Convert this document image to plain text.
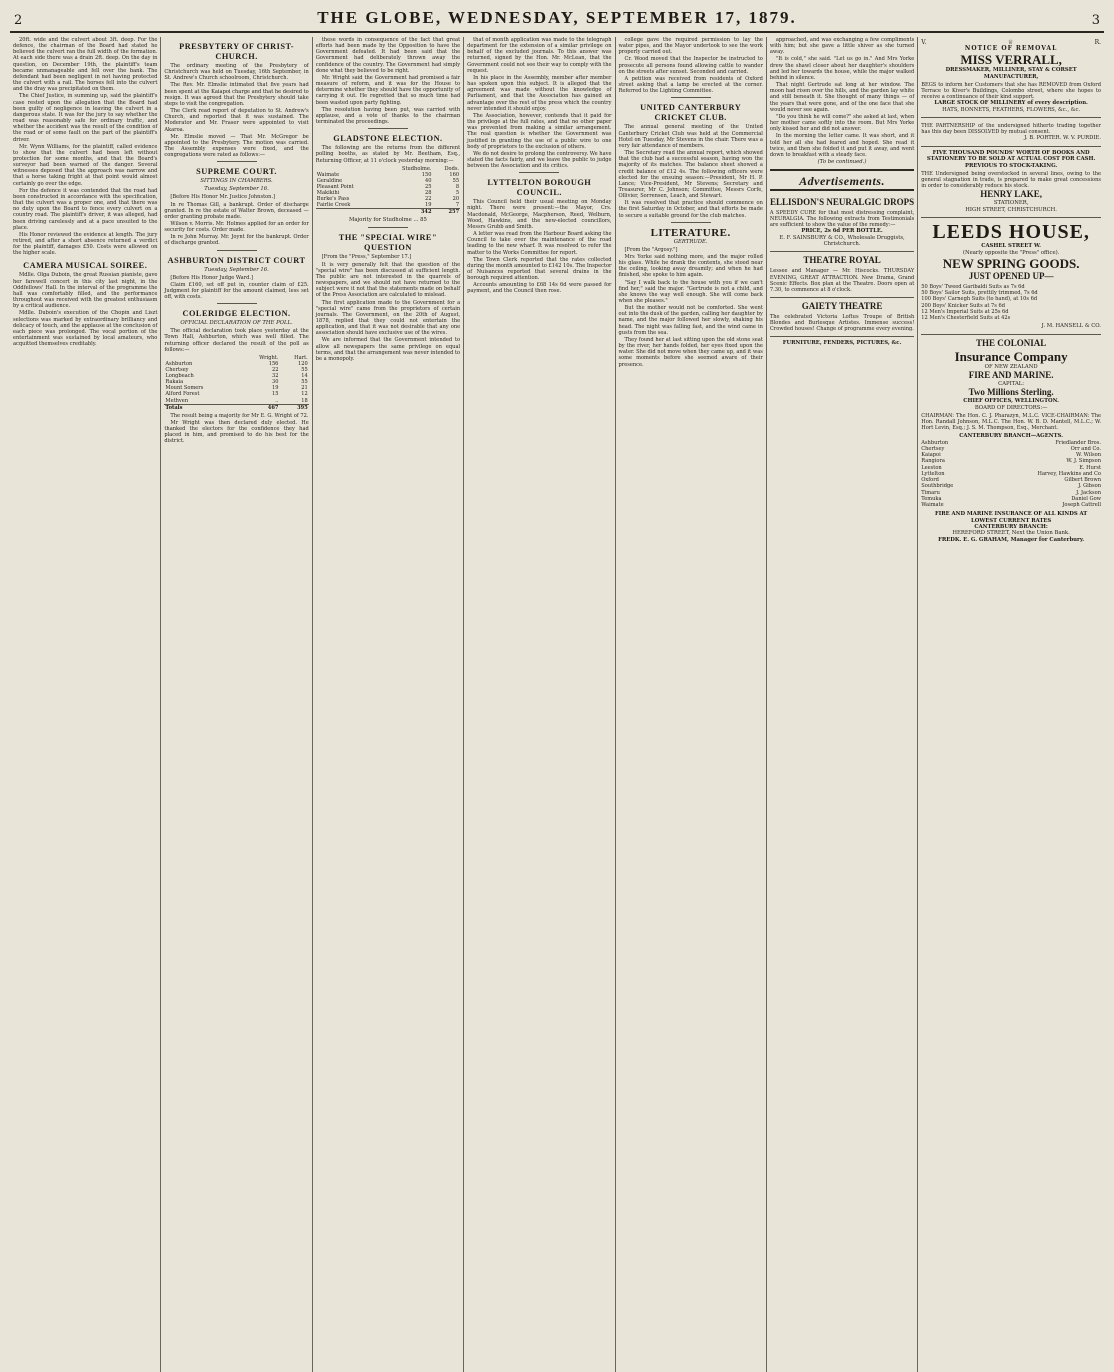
2	THE GLOBE, WEDNESDAY, SEPTEMBER 17, 1879.	3

20ft. wide and the culvert about 3ft. deep. For the defence, the chairman of the Board had stated he believed the culvert ran the full width of the formation. At each side there was a drain 2ft. deep. On the day in question, on December 19th, the plaintiff's team became unmanageable and fell over the bank. The defendant had been negligent in not having protected the culvert with a rail. The horses fell into the culvert and the dray was precipitated on them.

The Chief Justice, in summing up, said the plaintiff's case rested upon the allegation that the Board had been guilty of negligence in leaving the culvert in a dangerous state. It was for the jury to say whether the road was reasonably safe for ordinary traffic, and whether the accident was the result of the condition of the road or of some fault on the part of the plaintiff's driver.

Mr. Wynn Williams, for the plaintiff, called evidence to show that the culvert had been left without protection for some months, and that the Board's surveyor had been warned of the danger. Several witnesses deposed that the approach was narrow and that a horse taking fright at that point would almost certainly go over the edge.

For the defence it was contended that the road had been constructed in accordance with the specification, that the culvert was a proper one, and that there was no duty upon the Board to fence every culvert on a country road. The plaintiff's driver, it was alleged, had been driving carelessly and at a pace unsuited to the place.

His Honor reviewed the evidence at length. The jury retired, and after a short absence returned a verdict for the plaintiff, damages £50. Costs were allowed on the higher scale.

CAMERA MUSICAL SOIREE.

Mdlle. Olga Duboin, the great Russian pianiste, gave her farewell concert in this city last night, in the Oddfellows' Hall. In the interval of the programme the hall was comfortably filled, and the performance throughout was received with the greatest enthusiasm by a critical audience.

Mdlle. Duboin's execution of the Chopin and Liszt selections was marked by extraordinary brilliancy and delicacy of touch, and the applause at the conclusion of each piece was prolonged. The vocal portion of the entertainment was sustained by local amateurs, who acquitted themselves creditably.

PRESBYTERY OF CHRIST-CHURCH.

The ordinary meeting of the Presbytery of Christchurch was held on Tuesday, 16th September, in St. Andrew's Church schoolroom, Christchurch.

The Rev. Mr. Elmslie intimated that five years had been spent at the Kaiapoi charge and that he desired to resign. It was agreed that the Presbytery should take steps to visit the congregation.

The Clerk read report of deputation to St. Andrew's Church, and reported that it was sustained. The Moderator and Mr. Fraser were appointed to visit Akaroa.

Mr. Elmslie moved — That Mr. McGregor be appointed to the Presbytery. The motion was carried. The Assembly expenses were fixed, and the congregations were rated as follows:—

SUPREME COURT.
SITTINGS IN CHAMBERS.
Tuesday, September 16.

[Before His Honor Mr. Justice Johnston.]

In re Thomas Gill, a bankrupt. Order of discharge granted. In re the estate of Walter Brown, deceased — order granting probate made.

Wilson v. Morris. Mr. Holmes applied for an order for security for costs. Order made.

In re John Murray. Mr. Joynt for the bankrupt. Order of discharge granted.

ASHBURTON DISTRICT COURT
Tuesday, September 16.

[Before His Honor Judge Ward.]

Claim £160, set off put in, counter claim of £25. Judgment for plaintiff for the amount claimed, less set off, with costs.

COLERIDGE ELECTION.
OFFICIAL DECLARATION OF THE POLL.

The official declaration took place yesterday at the Town Hall, Ashburton, which was well filled. The returning officer declared the result of the poll as follows:—

	Wright.	Hart.
Ashburton	156	120
Chertsey	22	55
Longbeach	32	14
Rakaia	30	55
Mount Somers	19	21
Alford Forest	15	12
Methven	..	18
Totals	467	395

The result being a majority for Mr E. G. Wright of 72.

Mr Wright was then declared duly elected. He thanked the electors for the confidence they had placed in him, and promised to do his best for the district.

these words in consequence of the fact that great efforts had been made by the Opposition to have the Government defeated. It had been said that the Government had deliberately thrown away the confidence of the country. The Government had simply done what they believed to be right.

Mr. Wright said the Government had promised a fair measure of reform, and it was for the House to determine whether they should have the opportunity of carrying it out. He regretted that so much time had been wasted upon party fighting.

The resolution having been put, was carried with applause, and a vote of thanks to the chairman terminated the proceedings.

GLADSTONE ELECTION.

The following are the returns from the different polling booths, as stated by Mr. Beetham, Esq., Returning Officer, at 11 o'clock yesterday morning:—

	Studholme.	Dods.
Waimate	150	160
Geraldine	40	55
Pleasant Point	25	8
Makikihi	28	5
Burke's Pass	22	20
Fairlie Creek	19	7
	342	257
Majority for Studholme ... 85
THE "SPECIAL WIRE" QUESTION

[From the "Press," September 17.]

It is very generally felt that the question of the "special wire" has been discussed at sufficient length. The public are not interested in the quarrels of newspapers, and we should not have returned to the subject were it not that the statements made on behalf of the Press Association are calculated to mislead.

The first application made to the Government for a "special wire" came from the proprietors of certain journals. The Government, on the 20th of August, 1878, replied that they could not entertain the application, and that it was not desirable that any one association should have exclusive use of the wires.

We are informed that the Government intended to allow all newspapers the same privilege on equal terms, and that the arrangement was never intended to be a monopoly.

that of month application was made to the telegraph department for the extension of a similar privilege on behalf of the excluded journals. To this answer was returned, signed by the Hon. Mr. McLean, that the Government could not see their way to comply with the request.

In his place in the Assembly, member after member has spoken upon this subject. It is alleged that the agreement was made without the knowledge of Parliament, and that the Association has gained an advantage over the rest of the press which the country never intended it should enjoy.

The Association, however, contends that it paid for the privilege at the full rates, and that no other paper was prevented from making a similar arrangement. The real question is whether the Government was justified in granting the use of a public wire to one body of proprietors to the exclusion of others.

We do not desire to prolong the controversy. We have stated the facts fairly, and we leave the public to judge between the Association and its critics.

LYTTELTON BOROUGH COUNCIL.

This Council held their usual meeting on Monday night. There were present:—the Mayor, Crs. Macdonald, McGeorge, Macpherson, Reed, Welburn, Wood, Hawkins, and the new-elected councillors, Messrs Grubb and Smith.

A letter was read from the Harbour Board asking the Council to take over the maintenance of the road leading to the new wharf. It was resolved to refer the matter to the Works Committee for report.

The Town Clerk reported that the rates collected during the month amounted to £142 10s. The Inspector of Nuisances reported that several drains in the borough required attention.

Accounts amounting to £68 14s 6d were passed for payment, and the Council then rose.

college gave the required permission to lay the water pipes, and the Mayor undertook to see the work properly carried out.

Cr. Wood moved that the Inspector be instructed to prosecute all persons found allowing cattle to wander on the streets after sunset. Seconded and carried.

A petition was received from residents of Oxford street asking that a lamp be erected at the corner. Referred to the Lighting Committee.

UNITED CANTERBURY CRICKET CLUB.

The annual general meeting of the United Canterbury Cricket Club was held at the Commercial Hotel on Tuesday, Mr Stevens in the chair. There was a very fair attendance of members.

The Secretary read the annual report, which showed that the club had a successful season, having won the majority of its matches. The balance sheet showed a credit balance of £12 4s. The following officers were elected for the ensuing season:—President, Mr H. P. Lance; Vice-President, Mr Stevens; Secretary and Treasurer, Mr C. Johnson; Committee, Messrs Corfe, Ollivier, Sorrensen, Leach, and Stewart.

It was resolved that practice should commence on the first Saturday in October, and that efforts be made to secure a suitable ground for the club matches.

LITERATURE.
GERTRUDE.

[From the "Argosy."]

Mrs Yorke said nothing more, and the major rolled his glass. While he drank the contents, she stood near the ceiling, looking away dreamily; and when he had finished, she spoke to him again.

"Say I walk back to the house with you if we can't find her," said the major. "Gertrude is not a child, and she knows the way well enough. She will come back when she pleases."

But the mother would not be comforted. She went out into the dusk of the garden, calling her daughter by name, and the major followed her slowly, shaking his head. The night was falling fast, and the wind came in gusts from the sea.

They found her at last sitting upon the old stone seat by the river, her hands folded, her eyes fixed upon the water. She did not move when they came up, and it was some moments before she seemed aware of their presence.

approached, and was exchanging a few compliments with him; but she gave a little shiver as she turned away.

"It is cold," she said. "Let us go in." And Mrs Yorke drew the shawl closer about her daughter's shoulders and led her towards the house, while the major walked behind in silence.

That night Gertrude sat long at her window. The moon had risen over the hills, and the garden lay white and still beneath it. She thought of many things — of the years that were gone, and of the one face that she would never see again.

"Do you think he will come?" she asked at last, when her mother came softly into the room. But Mrs Yorke only kissed her and did not answer.

In the morning the letter came. It was short, and it told her all she had feared and hoped. She read it twice, and then she folded it and put it away, and went down to breakfast with a steady face.

(To be continued.)
Advertisements.
ELLISDON'S NEURALGIC DROPS
A SPEEDY CURE for that most distressing complaint, NEURALGIA. The following extracts from Testimonials are sufficient to show the value of the remedy:—
PRICE, 2s 6d PER BOTTLE.
E. F. SAINSBURY & CO., Wholesale Druggists, Christchurch.
THEATRE ROYAL
Lessee and Manager — Mr. Hiscocks. THURSDAY EVENING, GREAT ATTRACTION. New Drama, Grand Scenic Effects. Box plan at the Theatre. Doors open at 7.30, to commence at 8 o'clock.
GAIETY THEATRE
The celebrated Victoria Loftus Troupe of British Blondes and Burlesque Artistes. Immense success! Crowded houses! Change of programme every evening.
FURNITURE, FENDERS, PICTURES, &c.
V.	♕	R.
NOTICE OF REMOVAL
MISS VERRALL,
DRESSMAKER, MILLINER, STAY & CORSET MANUFACTURER,
BEGS to inform her Customers that she has REMOVED from Oxford Terrace to Kiver's Buildings, Colombo street, where she hopes to receive a continuance of their kind support.
LARGE STOCK OF MILLINERY of every description.
HATS, BONNETS, FEATHERS, FLOWERS, &c., &c.
THE PARTNERSHIP of the undersigned hitherto trading together has this day been DISSOLVED by mutual consent.
J. B. PORTER. W. V. PURDIE.
FIVE THOUSAND POUNDS' WORTH OF BOOKS AND STATIONERY TO BE SOLD AT ACTUAL COST FOR CASH.
PREVIOUS TO STOCK-TAKING.
THE Undersigned being overstocked in several lines, owing to the general stagnation in trade, is prepared to make great concessions in order to considerably reduce his stock.
HENRY LAKE,
STATIONER,
HIGH STREET, CHRISTCHURCH.
LEEDS HOUSE,
CASHEL STREET W.
(Nearly opposite the "Press" office).
NEW SPRING GOODS.
JUST OPENED UP—
50 Boys' Tweed Garibaldi Suits as 7s 6d
50 Boys' Sailor Suits, prettily trimmed, 7s 6d
100 Boys' Carnegh Suits (to hand), at 10s 6d
200 Boys' Knicker Suits at 7s 6d
12 Men's Imperial Suits at 25s 6d
12 Men's Chesterfield Suits at 42s
J. M. HANSELL & CO.
THE COLONIAL
Insurance Company
OF NEW ZEALAND
FIRE AND MARINE.
CAPITAL:
Two Millions Sterling.
CHIEF OFFICES, WELLINGTON.
BOARD OF DIRECTORS:—
CHAIRMAN: The Hon. C. J. Pharazyn, M.L.C. VICE-CHAIRMAN: The Hon. Randall Johnson, M.L.C. The Hon. W. B. D. Mantell, M.L.C.; W. Hort Levin, Esq.; J. S. M. Thompson, Esq., Merchant.
CANTERBURY BRANCH—AGENTS.
Ashburton	Friedlander Bros.
Chertsey	Orr and Co.
Kaiapoi	W. Wilson
Rangiora	W. J. Simpson
Leeston	E. Hurst
Lyttelton	Harvey, Hawkins and Co
Oxford	Gilbert Brown
Southbridge	J. Gibson
Timaru	J. Jackson
Temuka	Daniel Gow
Waimate	Joseph Cattrell
FIRE AND MARINE INSURANCE OF ALL KINDS AT LOWEST CURRENT RATES
CANTERBURY BRANCH:
HEREFORD STREET, Next the Union Bank.
FREDK. E. G. GRAHAM, Manager for Canterbury.
